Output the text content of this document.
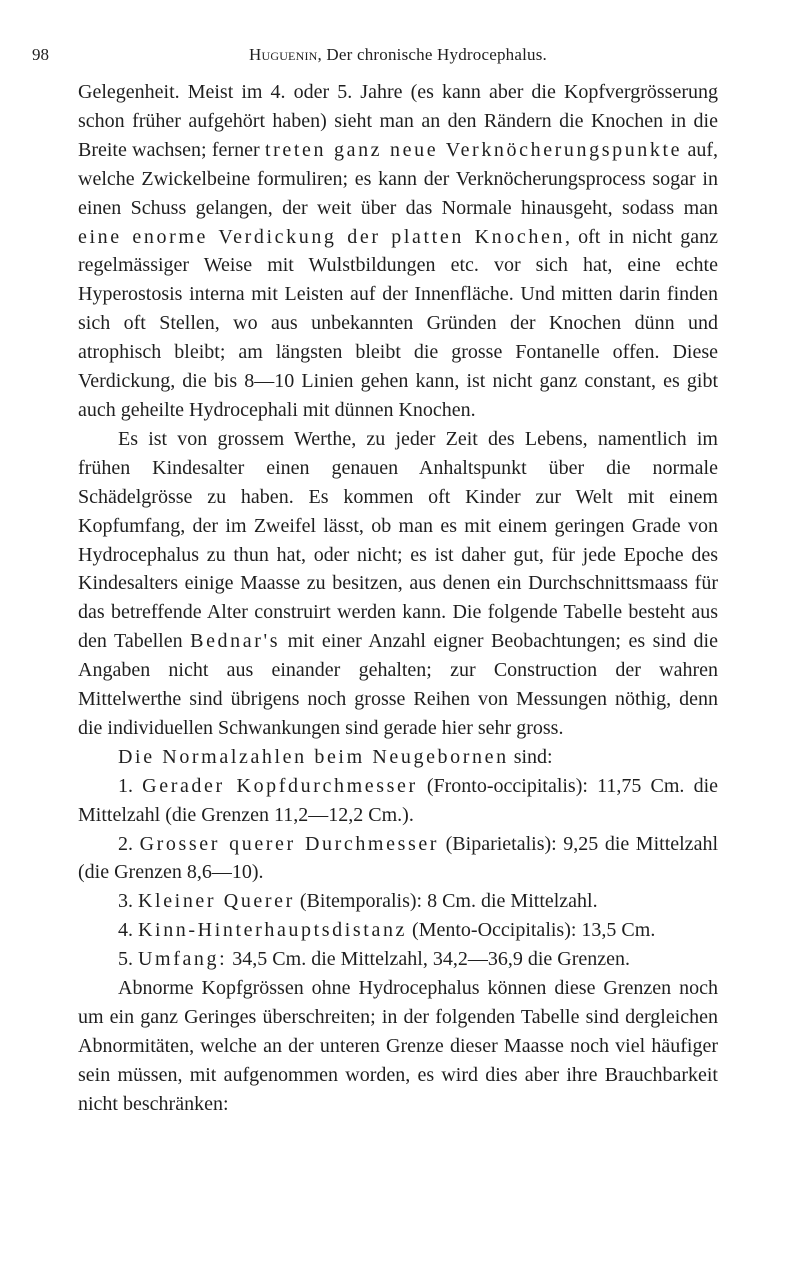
98	Huguenin, Der chronische Hydrocephalus.

Gelegenheit. Meist im 4. oder 5. Jahre (es kann aber die Kopfvergrösserung schon früher aufgehört haben) sieht man an den Rändern die Knochen in die Breite wachsen; ferner treten ganz neue Verknöcherungspunkte auf, welche Zwickelbeine formuliren; es kann der Verknöcherungsprocess sogar in einen Schuss gelangen, der weit über das Normale hinausgeht, sodass man eine enorme Verdickung der platten Knochen, oft in nicht ganz regelmässiger Weise mit Wulstbildungen etc. vor sich hat, eine echte Hyperostosis interna mit Leisten auf der Innenfläche. Und mitten darin finden sich oft Stellen, wo aus unbekannten Gründen der Knochen dünn und atrophisch bleibt; am längsten bleibt die grosse Fontanelle offen. Diese Verdickung, die bis 8—10 Linien gehen kann, ist nicht ganz constant, es gibt auch geheilte Hydrocephali mit dünnen Knochen.

Es ist von grossem Werthe, zu jeder Zeit des Lebens, namentlich im frühen Kindesalter einen genauen Anhaltspunkt über die normale Schädelgrösse zu haben. Es kommen oft Kinder zur Welt mit einem Kopfumfang, der im Zweifel lässt, ob man es mit einem geringen Grade von Hydrocephalus zu thun hat, oder nicht; es ist daher gut, für jede Epoche des Kindesalters einige Maasse zu besitzen, aus denen ein Durchschnittsmaass für das betreffende Alter construirt werden kann. Die folgende Tabelle besteht aus den Tabellen Bednar's mit einer Anzahl eigner Beobachtungen; es sind die Angaben nicht aus einander gehalten; zur Construction der wahren Mittelwerthe sind übrigens noch grosse Reihen von Messungen nöthig, denn die individuellen Schwankungen sind gerade hier sehr gross.

Die Normalzahlen beim Neugebornen sind:

1. Gerader Kopfdurchmesser (Fronto-occipitalis): 11,75 Cm. die Mittelzahl (die Grenzen 11,2—12,2 Cm.).

2. Grosser querer Durchmesser (Biparietalis): 9,25 die Mittelzahl (die Grenzen 8,6—10).

3. Kleiner Querer (Bitemporalis): 8 Cm. die Mittelzahl.

4. Kinn-Hinterhauptsdistanz (Mento-Occipitalis): 13,5 Cm.

5. Umfang: 34,5 Cm. die Mittelzahl, 34,2—36,9 die Grenzen.

Abnorme Kopfgrössen ohne Hydrocephalus können diese Grenzen noch um ein ganz Geringes überschreiten; in der folgenden Tabelle sind dergleichen Abnormitäten, welche an der unteren Grenze dieser Maasse noch viel häufiger sein müssen, mit aufgenommen worden, es wird dies aber ihre Brauchbarkeit nicht beschränken:
